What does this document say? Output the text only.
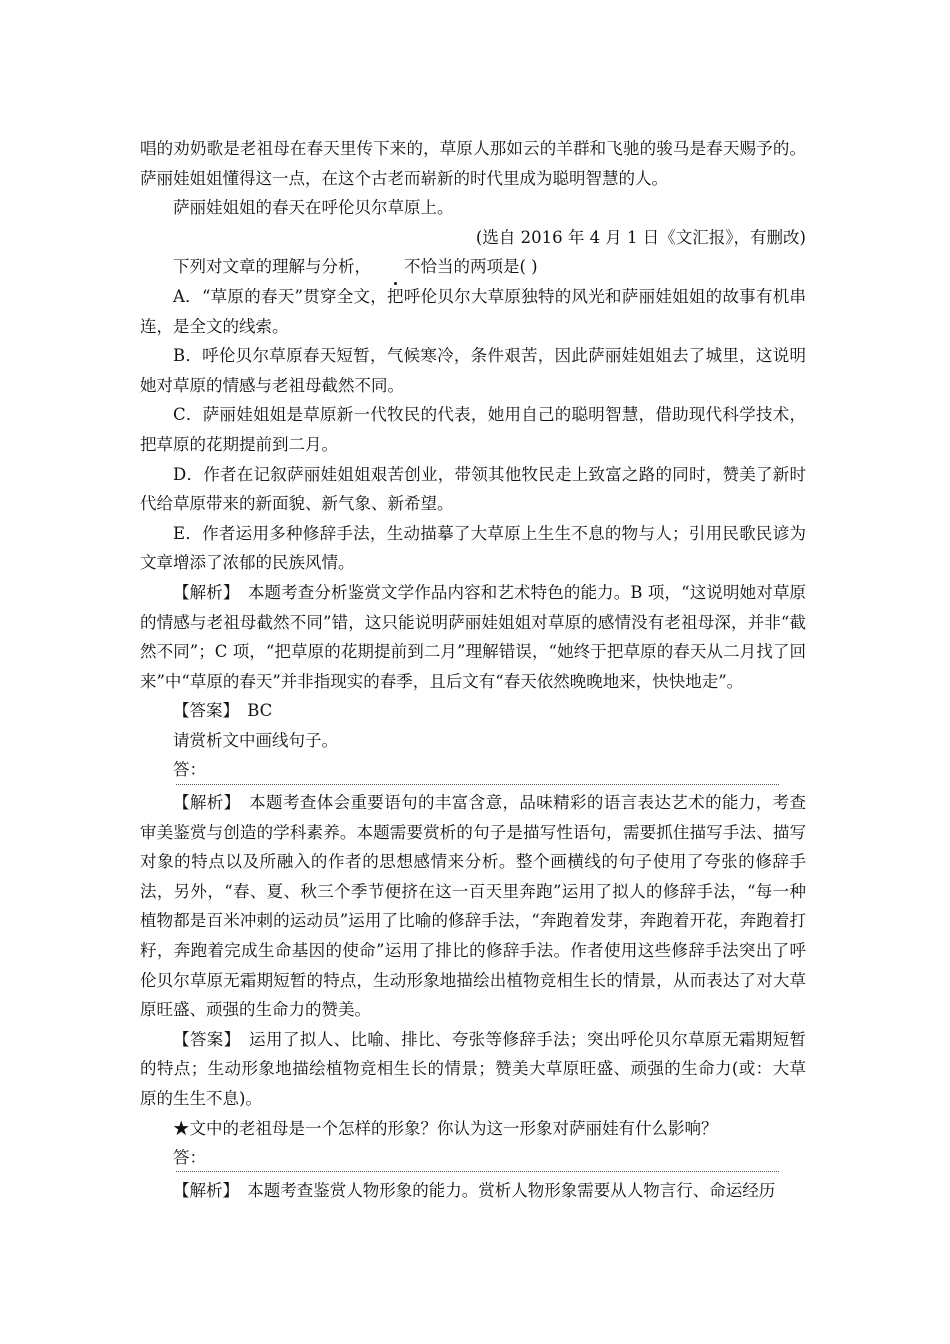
唱的劝奶歌是老祖母在春天里传下来的，草原人那如云的羊群和飞驰的骏马是春天赐予的。萨丽娃姐姐懂得这一点，在这个古老而崭新的时代里成为聪明智慧的人。

萨丽娃姐姐的春天在呼伦贝尔草原上。

(选自 2016 年 4 月 1 日《文汇报》，有删改)

下列对文章的理解与分析， 不
恰当的两项是( )

A．“草原的春天”贯穿全文，把呼伦贝尔大草原独特的风光和萨丽娃姐姐的故事有机串连，是全文的线索。

B．呼伦贝尔草原春天短暂，气候寒冷，条件艰苦，因此萨丽娃姐姐去了城里，这说明她对草原的情感与老祖母截然不同。

C．萨丽娃姐姐是草原新一代牧民的代表，她用自己的聪明智慧，借助现代科学技术，把草原的花期提前到二月。

D．作者在记叙萨丽娃姐姐艰苦创业，带领其他牧民走上致富之路的同时，赞美了新时代给草原带来的新面貌、新气象、新希望。

E．作者运用多种修辞手法，生动描摹了大草原上生生不息的物与人；引用民歌民谚为文章增添了浓郁的民族风情。

【解析】　本题考查分析鉴赏文学作品内容和艺术特色的能力。B 项，“这说明她对草原的情感与老祖母截然不同”错，这只能说明萨丽娃姐姐对草原的感情没有老祖母深，并非“截然不同”；C 项，“把草原的花期提前到二月”理解错误，“她终于把草原的春天从二月找了回来”中“草原的春天”并非指现实的春季，且后文有“春天依然晚晚地来，快快地走”。

【答案】　BC

请赏析文中画线句子。

答：

【解析】　本题考查体会重要语句的丰富含意，品味精彩的语言表达艺术的能力，考查审美鉴赏与创造的学科素养。本题需要赏析的句子是描写性语句，需要抓住描写手法、描写对象的特点以及所融入的作者的思想感情来分析。整个画横线的句子使用了夸张的修辞手法，另外，“春、夏、秋三个季节便挤在这一百天里奔跑”运用了拟人的修辞手法，“每一种植物都是百米冲刺的运动员”运用了比喻的修辞手法，“奔跑着发芽，奔跑着开花，奔跑着打籽，奔跑着完成生命基因的使命”运用了排比的修辞手法。作者使用这些修辞手法突出了呼伦贝尔草原无霜期短暂的特点，生动形象地描绘出植物竞相生长的情景，从而表达了对大草原旺盛、顽强的生命力的赞美。

【答案】　运用了拟人、比喻、排比、夸张等修辞手法；突出呼伦贝尔草原无霜期短暂的特点；生动形象地描绘植物竞相生长的情景；赞美大草原旺盛、顽强的生命力(或：大草原的生生不息)。

★文中的老祖母是一个怎样的形象？你认为这一形象对萨丽娃有什么影响？

答：

【解析】　本题考查鉴赏人物形象的能力。赏析人物形象需要从人物言行、命运经历
